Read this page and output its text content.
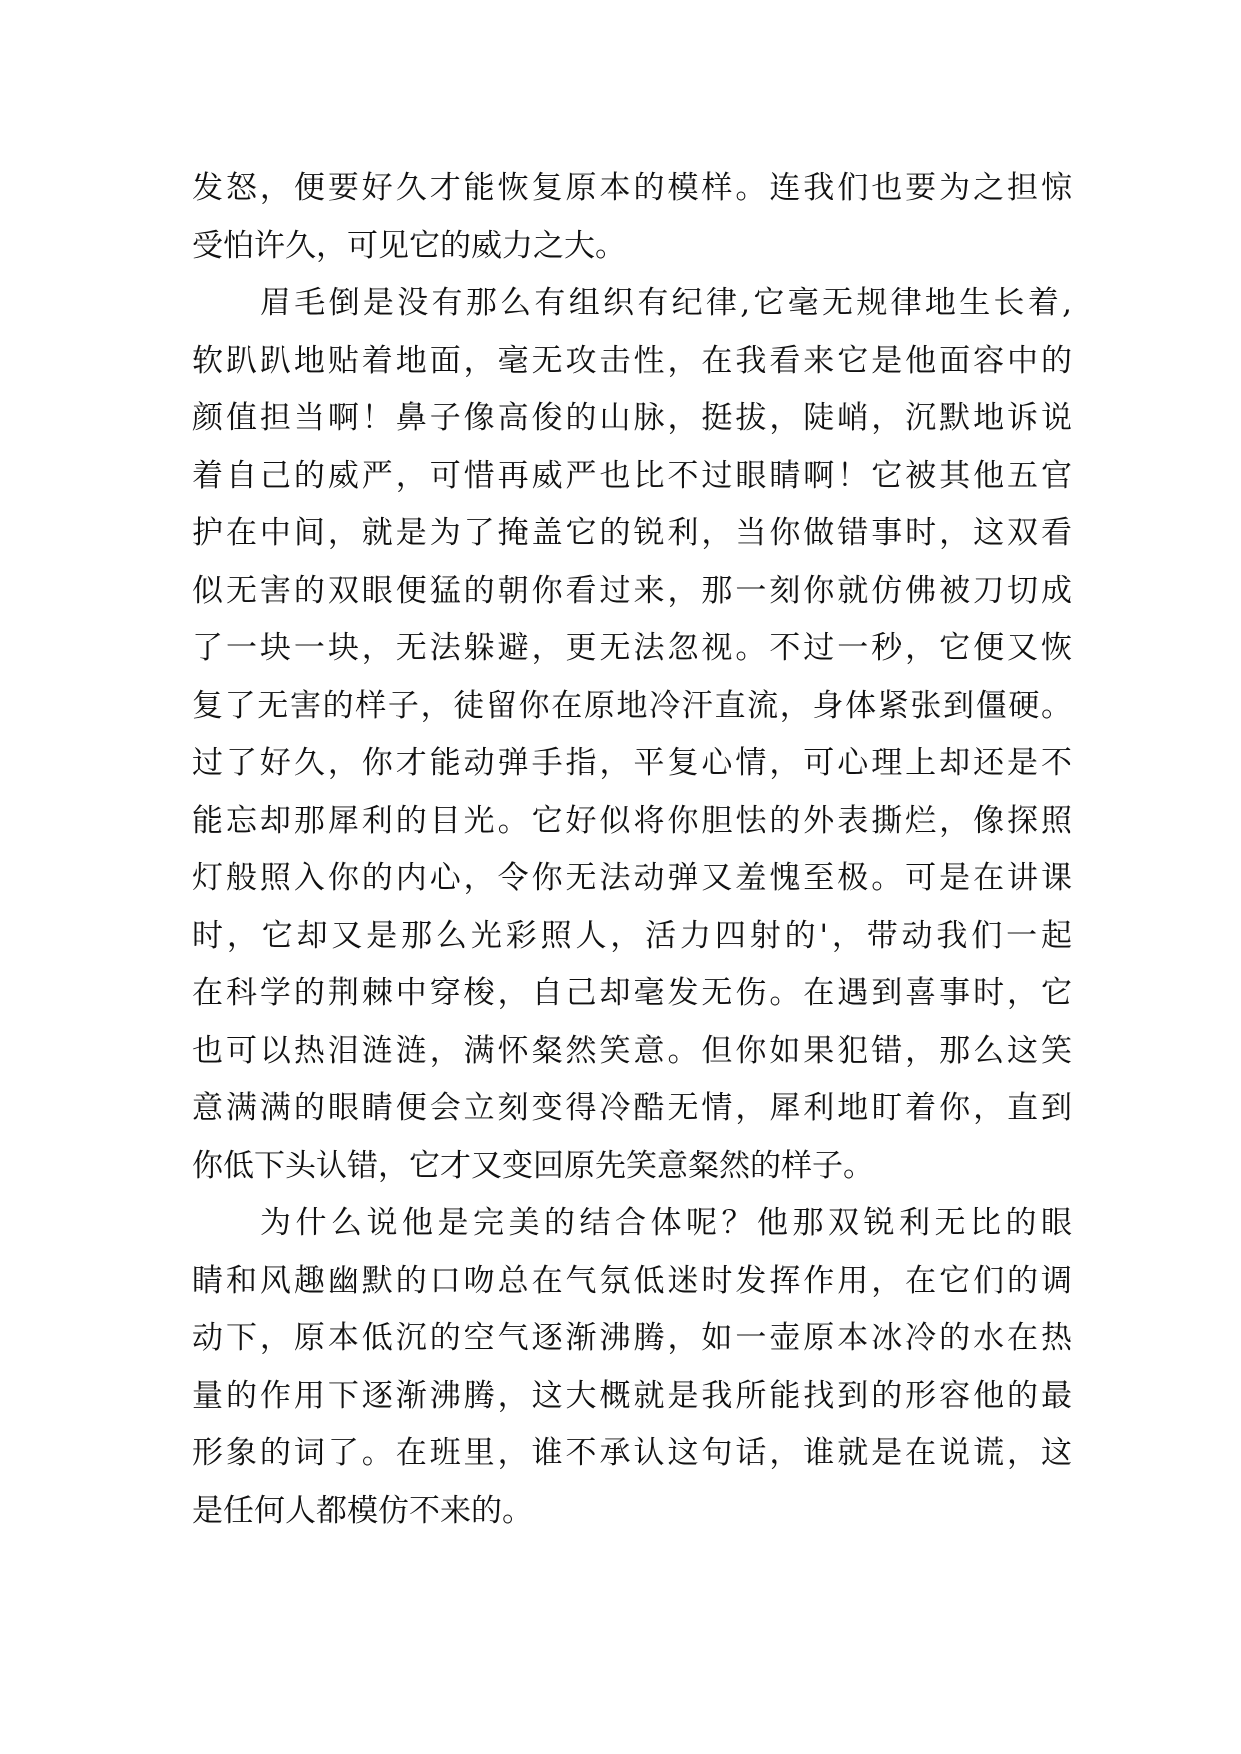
发怒，便要好久才能恢复原本的模样。连我们也要为之担惊
受怕许久，可见它的威力之大。
眉毛倒是没有那么有组织有纪律,它毫无规律地生长着,
软趴趴地贴着地面，毫无攻击性，在我看来它是他面容中的
颜值担当啊！鼻子像高俊的山脉，挺拔，陡峭，沉默地诉说
着自己的威严，可惜再威严也比不过眼睛啊！它被其他五官
护在中间，就是为了掩盖它的锐利，当你做错事时，这双看
似无害的双眼便猛的朝你看过来，那一刻你就仿佛被刀切成
了一块一块，无法躲避，更无法忽视。不过一秒，它便又恢
复了无害的样子，徒留你在原地冷汗直流，身体紧张到僵硬。
过了好久，你才能动弹手指，平复心情，可心理上却还是不
能忘却那犀利的目光。它好似将你胆怯的外表撕烂，像探照
灯般照入你的内心，令你无法动弹又羞愧至极。可是在讲课
时，它却又是那么光彩照人，活力四射的'，带动我们一起
在科学的荆棘中穿梭，自己却毫发无伤。在遇到喜事时，它
也可以热泪涟涟，满怀粲然笑意。但你如果犯错，那么这笑
意满满的眼睛便会立刻变得冷酷无情，犀利地盯着你，直到
你低下头认错，它才又变回原先笑意粲然的样子。
为什么说他是完美的结合体呢？他那双锐利无比的眼
睛和风趣幽默的口吻总在气氛低迷时发挥作用，在它们的调
动下，原本低沉的空气逐渐沸腾，如一壶原本冰冷的水在热
量的作用下逐渐沸腾，这大概就是我所能找到的形容他的最
形象的词了。在班里，谁不承认这句话，谁就是在说谎，这
是任何人都模仿不来的。
